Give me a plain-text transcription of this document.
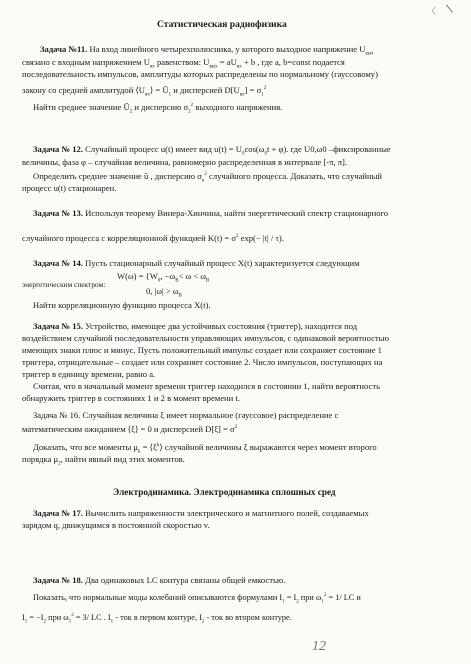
\
〈
Статистическая радиофизика
Задача №11. На вход линейного четырехполюсника, у которого выходное напряжение $U_{вых}$
связано с входным напряжением $U_{вх}$ равенством: $U_{вых} = aU_{вх} + b$ , где a, b=const подается
последовательность импульсов, амплитуды которых распределены по нормальному (гауссовому)
закону со средней амплитудой $⟨U_{вх}⟩$ = $Ū_1$ и дисперсией $D[U_{вх}] = \sigma_1^2$
Найти среднее значение $Ū_2$ и дисперсию $\sigma_2^2$ выходного напряжения.
Задача № 12. Случайный процесс u(t) имеет вид $u(t) = U_0\cos(\omega_0t + \varphi)$. где U0,ω0 –фиксированные
величины, фаза φ – случайная величина, равномерно распределенная в интервале [-π, π].
Определить среднее значение ū , дисперсию $\sigma_u^2$ случайного процесса. Доказать, что случайный
процесс u(t) стационарен.
Задача № 13. Используя теорему Винера-Хинчина, найти энергетический спектр стационарного
случайного процесса с корреляционной функцией $K(t) = \sigma^2$ exp(− |t| / τ).
Задача № 14. Пусть стационарный случайный процесс X(t) характеризуется следующим
$W(\omega) = \{W_0$, $-\omega_B< \omega < \omega_B$
энергетическим спектром:
0, $|\omega| > \omega_B$
Найти корреляционную функцию процесса X(t).
Задача № 15. Устройство, имеющее два устойчивых состояния (триггер), находится под
воздействием случайной последовательности управляющих импульсов, с одинаковой вероятностью
имеющих знаки плюс и минус. Пусть положительный импульс создает или сохраняет состояние 1
триггера, отрицательные – создает или сохраняет состояние 2. Число импульсов, поступающих на
триггер в единицу времени, равно a.
Считая, что в начальный момент времени триггер находился в состоянии 1, найти вероятность
обнаружить триггер в состояниях 1 и 2 в момент времени t.
Задача № 16. Случайная величина ξ имеет нормальное (гауссовое) распределение с
математическим ожиданием ⟨ξ⟩ = 0 и дисперсией $D[\xi] = \sigma^2$
Доказать, что все моменты $\mu_k$ = $⟨\xi^k⟩$ случайной величины ξ выражаются через момент второго
порядка $\mu_2$, найти явный вид этих моментов.
Электродинамика. Электродинамика сплошных сред
Задача № 17. Вычислить напряженности электрического и магнитного полей, создаваемых
зарядом q, движущимся в постоянной скоростью v.
Задача № 18. Два одинаковых LC контура связаны общей емкостью.
Показать, что нормальные моды колебаний описываются формулами $I_1 = I_2$ при $\omega_1^2 = 1/$ LC и
$I_1 = -I_2$ при $\omega_1^2 = 3/$ LC . $I_1$ - ток в первом контуре, $I_2$ - ток во втором контуре.
12
